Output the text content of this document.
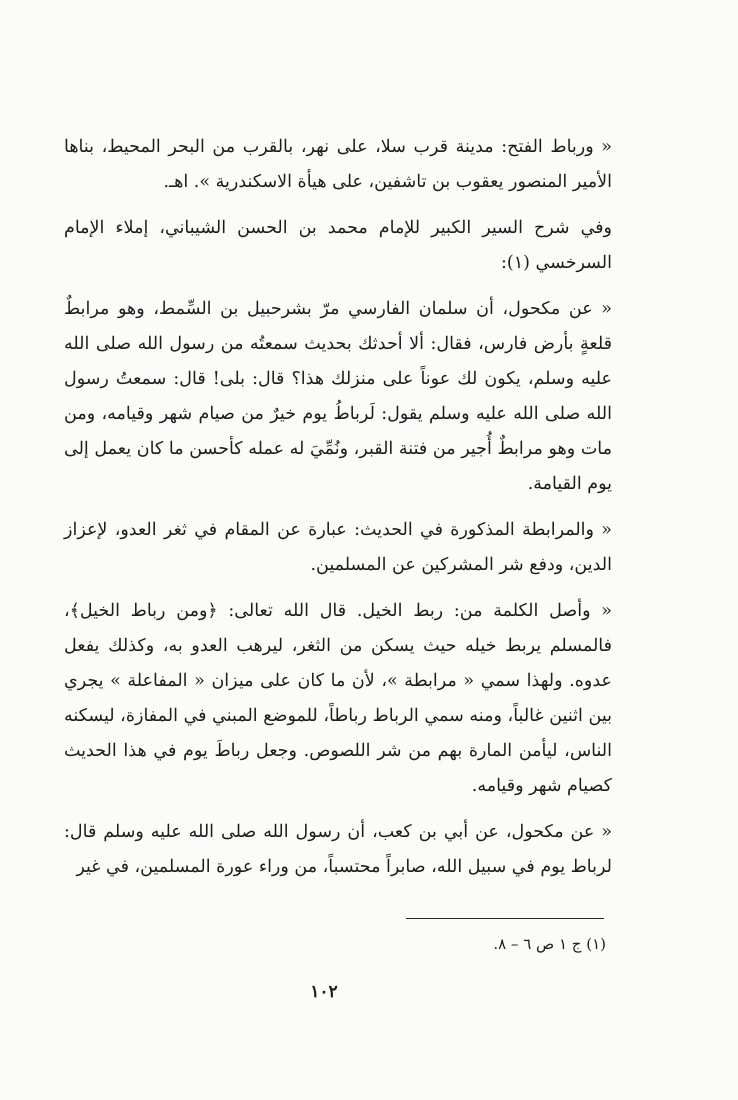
« ورباط الفتح: مدينة قرب سلا، على نهر، بالقرب من البحر المحيط، بناها الأمير المنصور يعقوب بن تاشفين، على هيأة الاسكندرية ». اهـ.

وفي شرح السير الكبير للإمام محمد بن الحسن الشيباني، إملاء الإمام السرخسي (١):

« عن مكحول، أن سلمان الفارسي مرّ بشرحبيل بن السِّمط، وهو مرابطٌ قلعةٍ بأرض فارس، فقال: ألا أحدثك بحديث سمعتُه من رسول الله صلى الله عليه وسلم، يكون لك عوناً على منزلك هذا؟ قال: بلى! قال: سمعتُ رسول الله صلى الله عليه وسلم يقول: لَرباطُ يوم خيرٌ من صيام شهر وقيامه، ومن مات وهو مرابطٌ أُجير من فتنة القبر، ونُمِّيَ له عمله كأحسن ما كان يعمل إلى يوم القيامة.

« والمرابطة المذكورة في الحديث: عبارة عن المقام في ثغر العدو، لإعزاز الدين، ودفع شر المشركين عن المسلمين.

« وأصل الكلمة من: ربط الخيل. قال الله تعالى: ﴿ومن رباط الخيل﴾، فالمسلم يربط خيله حيث يسكن من الثغر، ليرهب العدو به، وكذلك يفعل عدوه. ولهذا سمي « مرابطة »، لأن ما كان على ميزان « المفاعلة » يجري بين اثنين غالباً، ومنه سمي الرباط رباطاً، للموضع المبني في المفازة، ليسكنه الناس، ليأمن المارة بهم من شر اللصوص. وجعل رباطَ يوم في هذا الحديث كصيام شهر وقيامه.

« عن مكحول، عن أبي بن كعب، أن رسول الله صلى الله عليه وسلم قال: لرباط يوم في سبيل الله، صابراً محتسباً، من وراء عورة المسلمين، في غير

(١) ج ١ ص ٦ – ٨.
١٠٢
